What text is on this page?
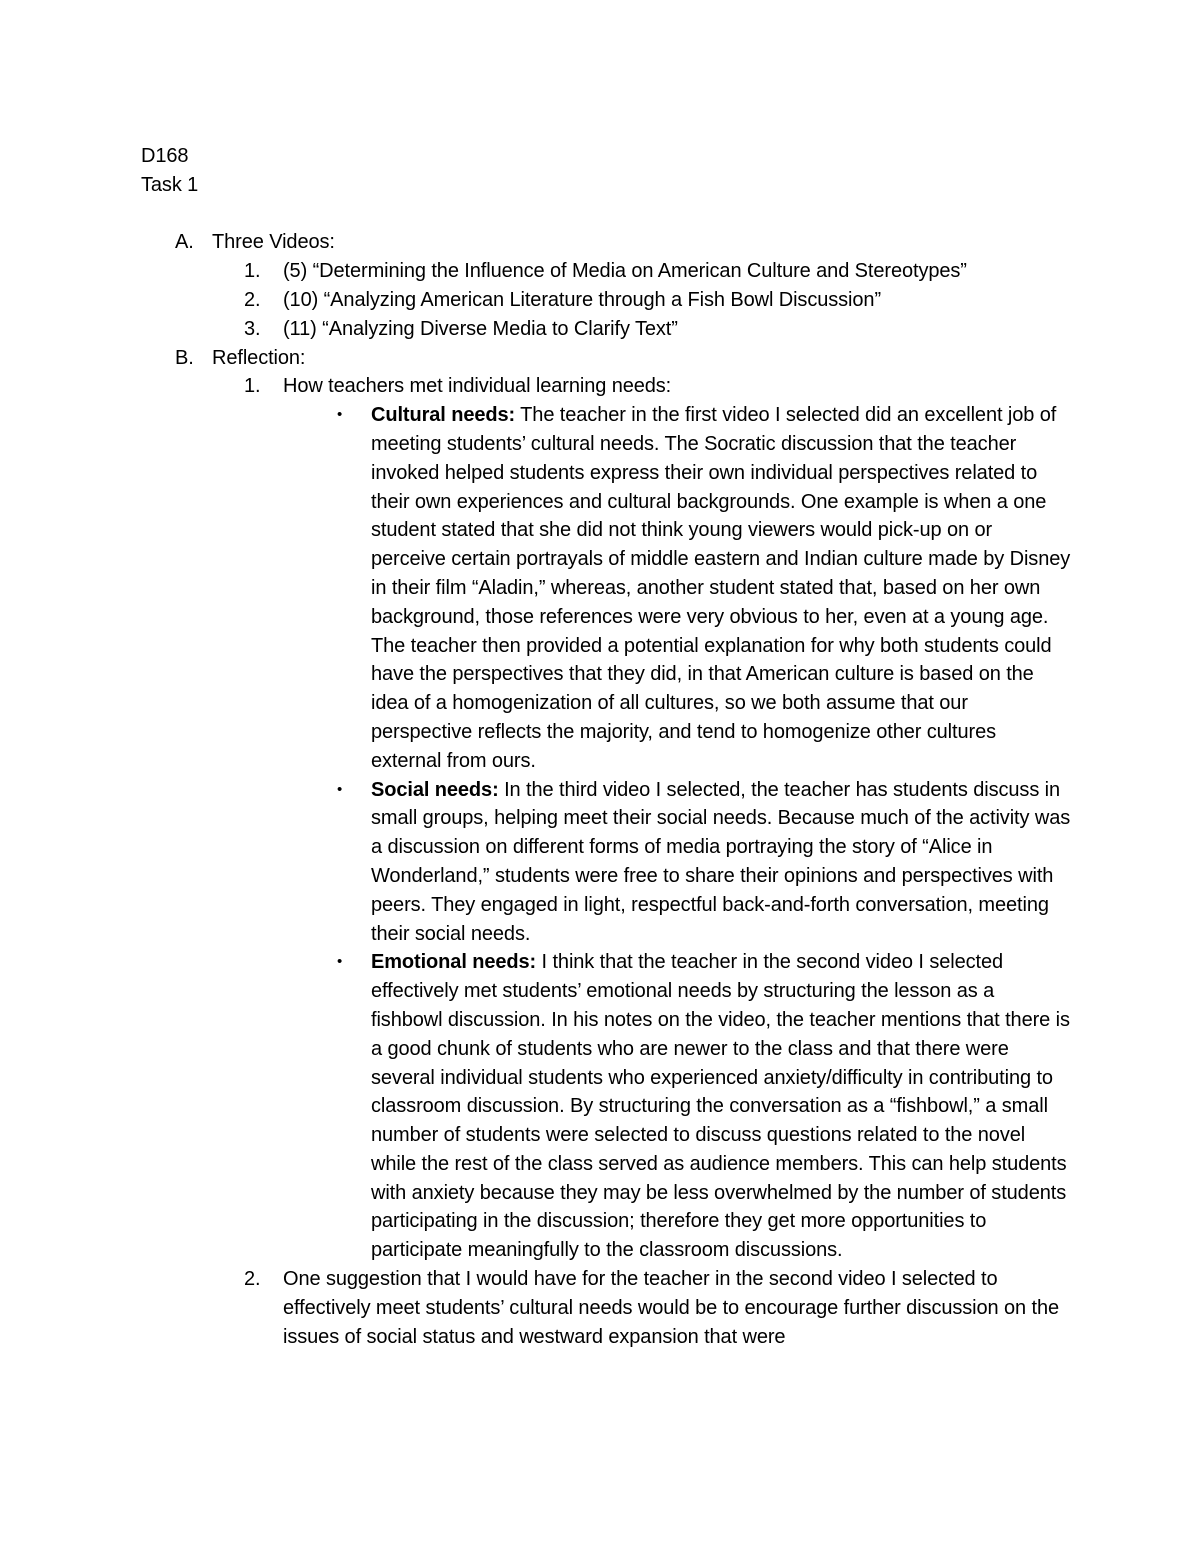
D168
Task 1
A. Three Videos:
1. (5) “Determining the Influence of Media on American Culture and Stereotypes”
2. (10) “Analyzing American Literature through a Fish Bowl Discussion”
3. (11) “Analyzing Diverse Media to Clarify Text”
B. Reflection:
1. How teachers met individual learning needs:
• Cultural needs: The teacher in the first video I selected did an excellent job of meeting students’ cultural needs. The Socratic discussion that the teacher invoked helped students express their own individual perspectives related to their own experiences and cultural backgrounds. One example is when a one student stated that she did not think young viewers would pick-up on or perceive certain portrayals of middle eastern and Indian culture made by Disney in their film “Aladin,” whereas, another student stated that, based on her own background, those references were very obvious to her, even at a young age. The teacher then provided a potential explanation for why both students could have the perspectives that they did, in that American culture is based on the idea of a homogenization of all cultures, so we both assume that our perspective reflects the majority, and tend to homogenize other cultures external from ours.
• Social needs: In the third video I selected, the teacher has students discuss in small groups, helping meet their social needs. Because much of the activity was a discussion on different forms of media portraying the story of “Alice in Wonderland,” students were free to share their opinions and perspectives with peers. They engaged in light, respectful back-and-forth conversation, meeting their social needs.
• Emotional needs: I think that the teacher in the second video I selected effectively met students’ emotional needs by structuring the lesson as a fishbowl discussion. In his notes on the video, the teacher mentions that there is a good chunk of students who are newer to the class and that there were several individual students who experienced anxiety/difficulty in contributing to classroom discussion. By structuring the conversation as a “fishbowl,” a small number of students were selected to discuss questions related to the novel while the rest of the class served as audience members. This can help students with anxiety because they may be less overwhelmed by the number of students participating in the discussion; therefore they get more opportunities to participate meaningfully to the classroom discussions.
2. One suggestion that I would have for the teacher in the second video I selected to effectively meet students’ cultural needs would be to encourage further discussion on the issues of social status and westward expansion that were
